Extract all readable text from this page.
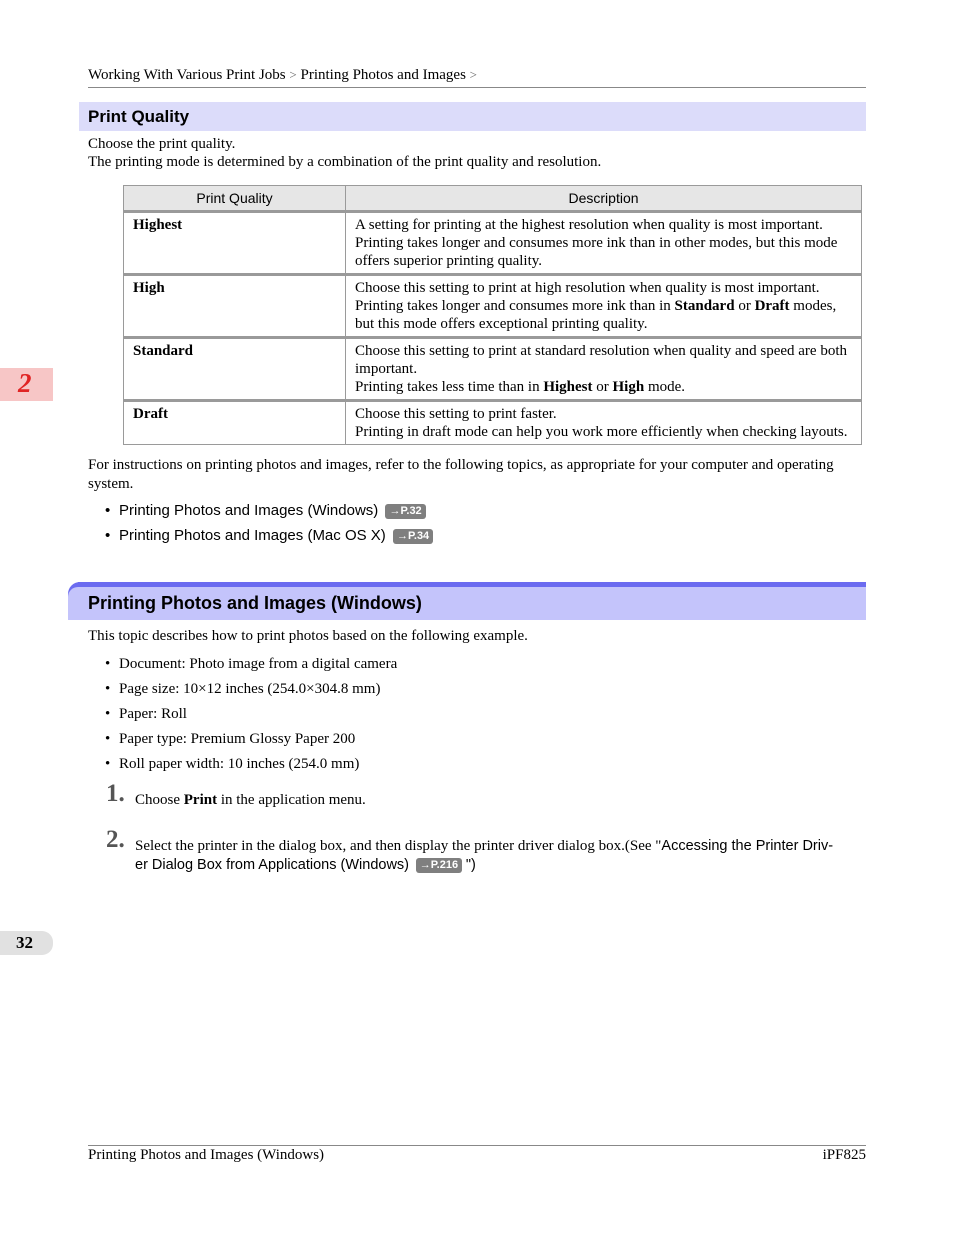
Working With Various Print Jobs > Printing Photos and Images >
Print Quality
Choose the print quality.
The printing mode is determined by a combination of the print quality and resolution.
Print Quality	Description
Highest	A setting for printing at the highest resolution when quality is most important.
Printing takes longer and consumes more ink than in other modes, but this mode
offers superior printing quality.

High	Choose this setting to print at high resolution when quality is most important.
Printing takes longer and consumes more ink than in Standard or Draft modes,
but this mode offers exceptional printing quality.

Standard	Choose this setting to print at standard resolution when quality and speed are both
important.
Printing takes less time than in Highest or High mode.

Draft	Choose this setting to print faster.
Printing in draft mode can help you work more efficiently when checking layouts.
For instructions on printing photos and images, refer to the following topics, as appropriate for your computer and operating
system.
• Printing Photos and Images (Windows) →P.32
• Printing Photos and Images (Mac OS X) →P.34
Printing Photos and Images (Windows)
This topic describes how to print photos based on the following example.
• Document: Photo image from a digital camera
• Page size: 10×12 inches (254.0×304.8 mm)
• Paper: Roll
• Paper type: Premium Glossy Paper 200
• Roll paper width: 10 inches (254.0 mm)
1. Choose Print in the application menu.
2. Select the printer in the dialog box, and then display the printer driver dialog box.(See "Accessing the Printer Driv-
er Dialog Box from Applications (Windows) →P.216 ")
2
32
Printing Photos and Images (Windows)	iPF825
